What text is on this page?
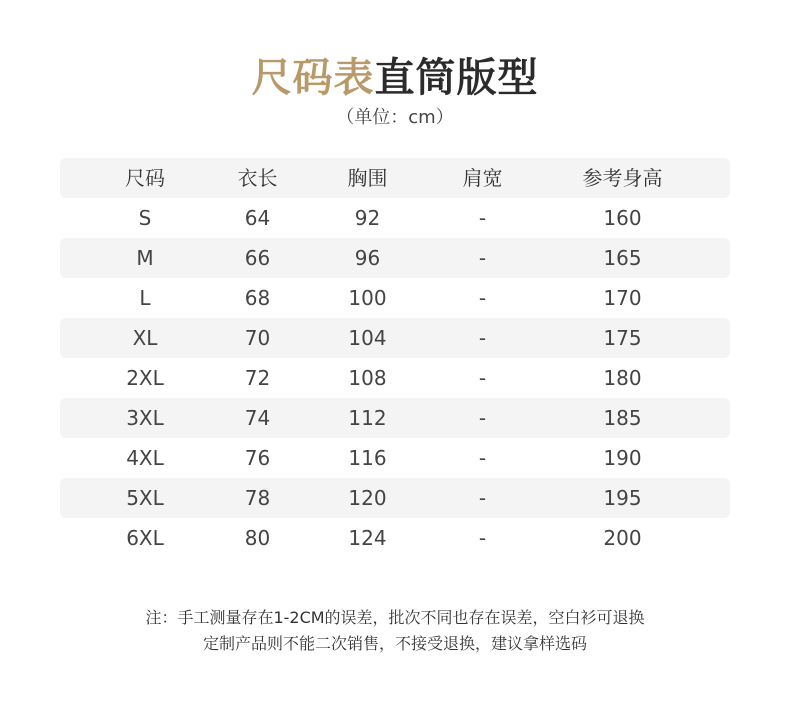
尺码表直筒版型
（单位：cm）
尺码	衣长	胸围	肩宽	参考身高
S	64	92	-	160
M	66	96	-	165
L	68	100	-	170
XL	70	104	-	175
2XL	72	108	-	180
3XL	74	112	-	185
4XL	76	116	-	190
5XL	78	120	-	195
6XL	80	124	-	200
注：手工测量存在1-2CM的误差，批次不同也存在误差，空白衫可退换
定制产品则不能二次销售，不接受退换，建议拿样选码
